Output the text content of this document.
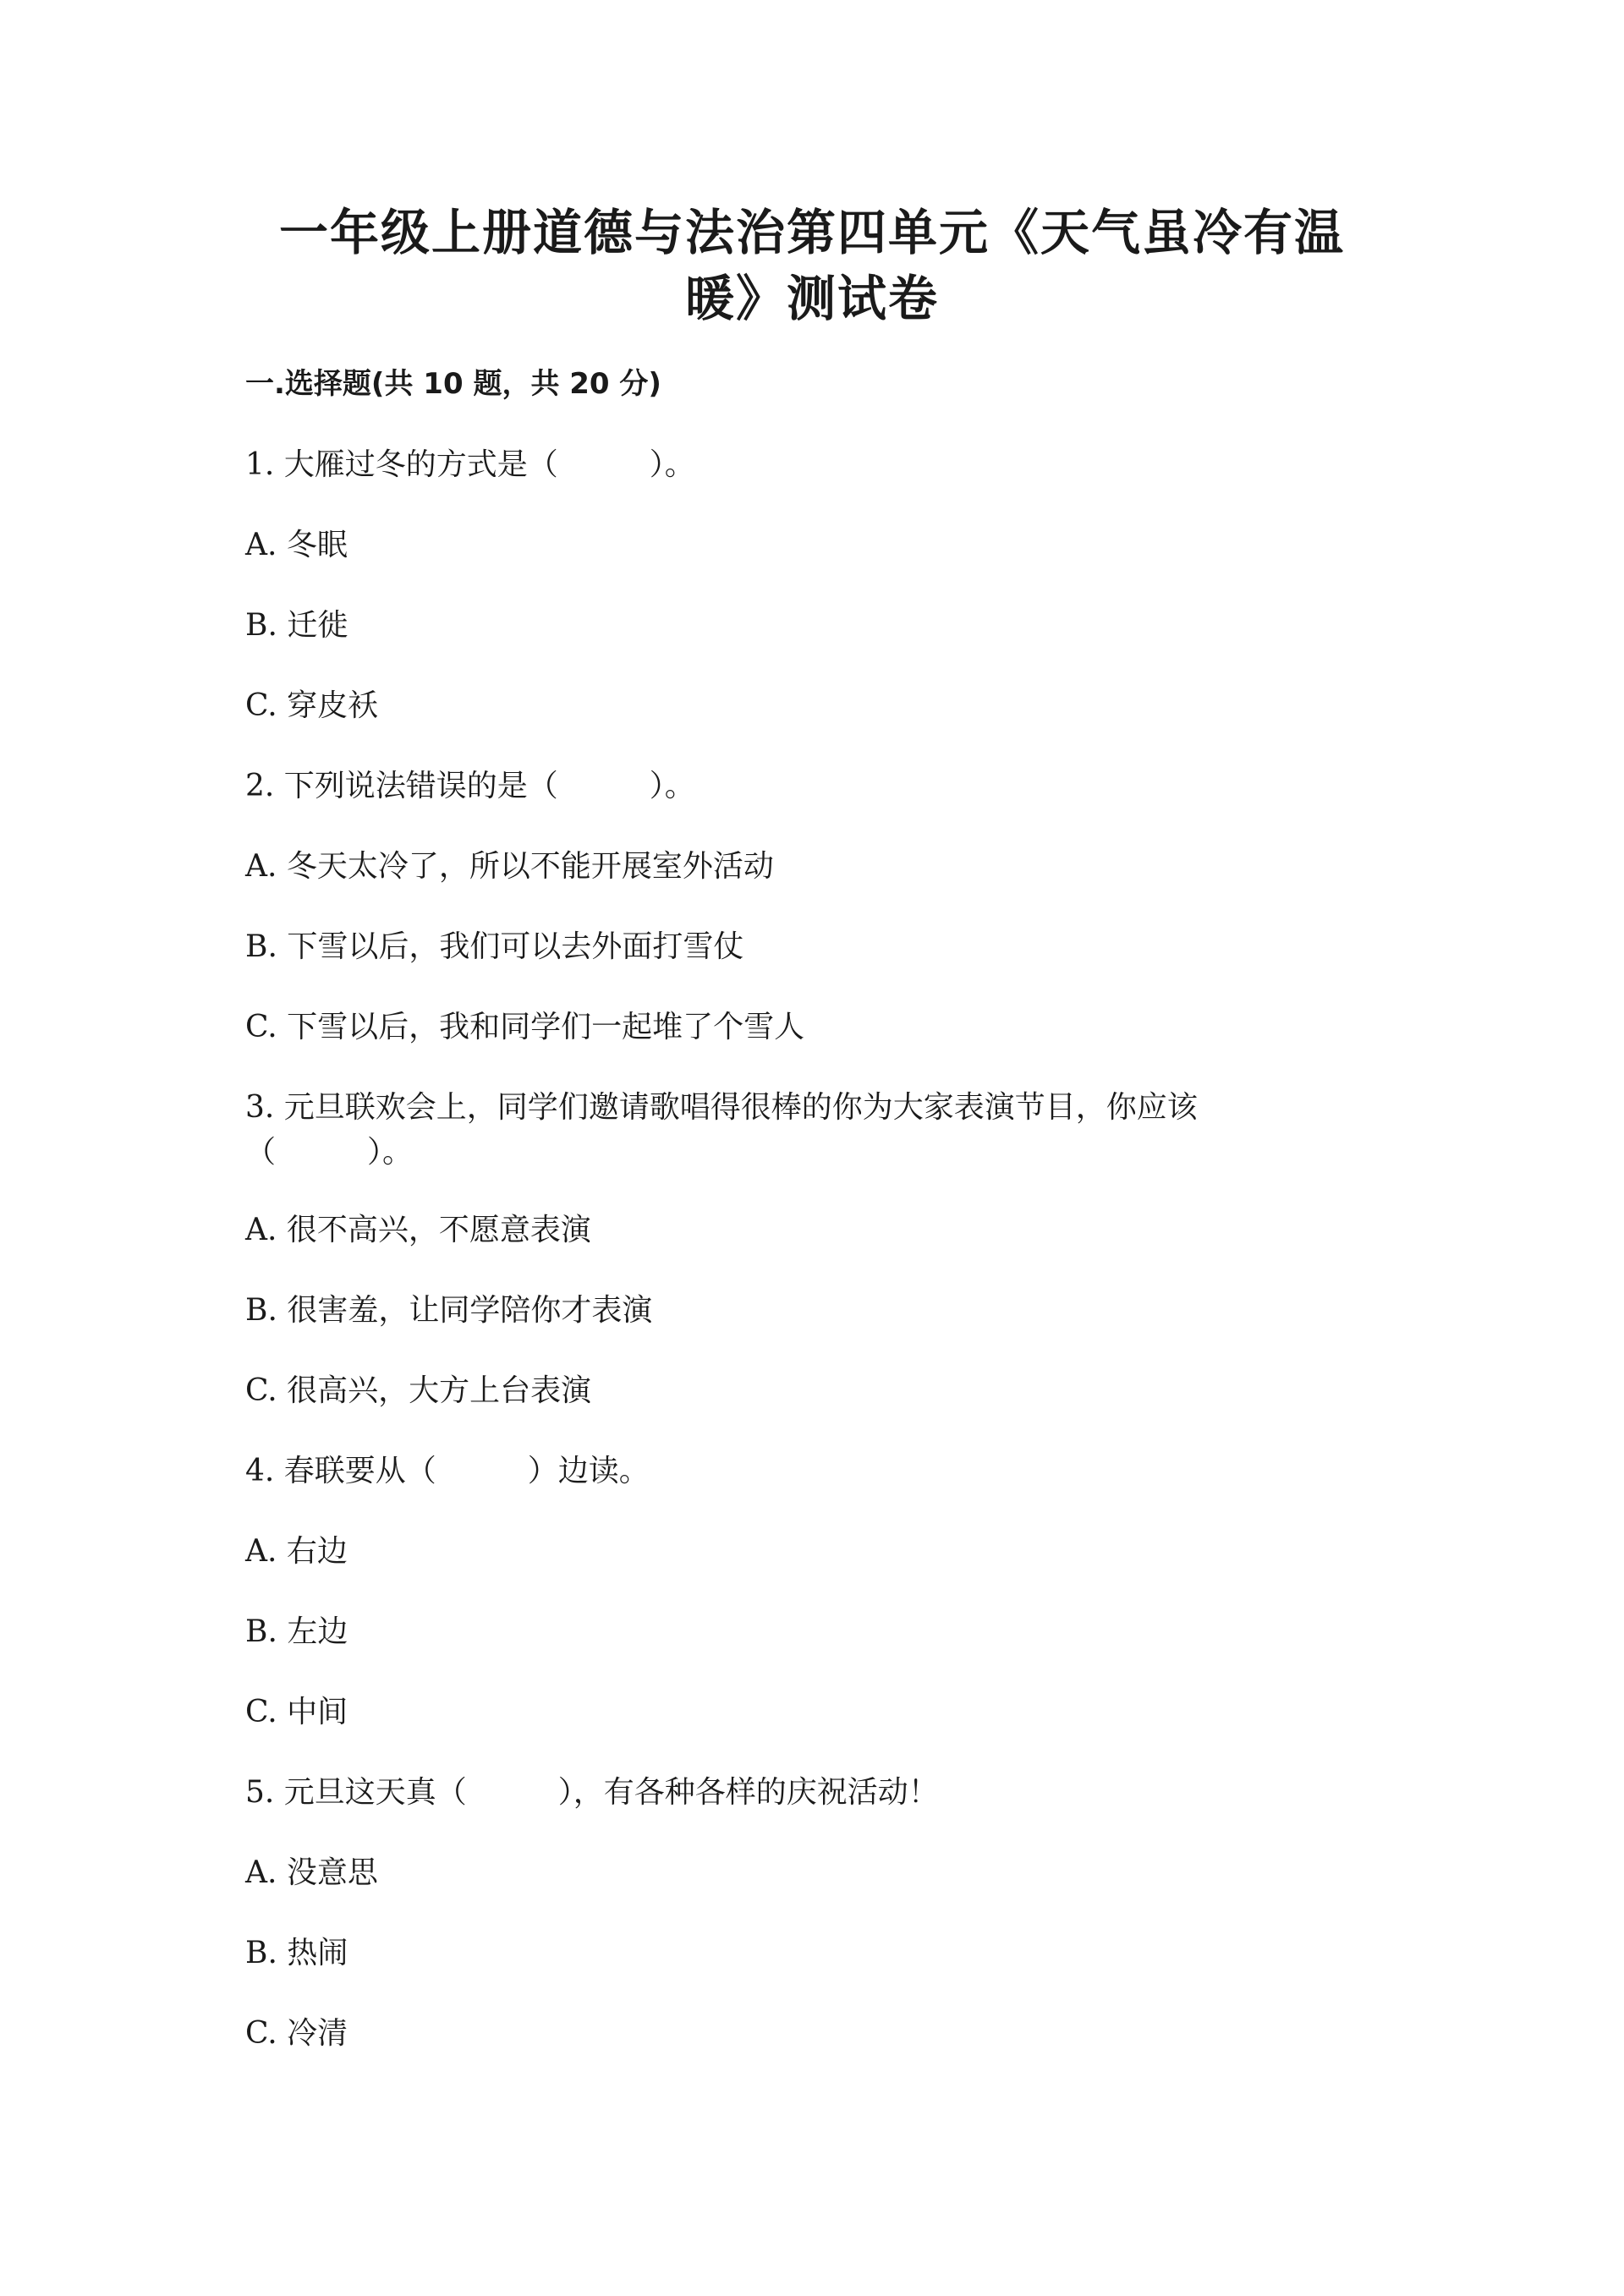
一年级上册道德与法治第四单元《天气虽冷有温
暖》测试卷
一.选择题(共 10 题，共 20 分)
1. 大雁过冬的方式是（　　　）。
A. 冬眠
B. 迁徙
C. 穿皮袄
2. 下列说法错误的是（　　　）。
A. 冬天太冷了，所以不能开展室外活动
B. 下雪以后，我们可以去外面打雪仗
C. 下雪以后，我和同学们一起堆了个雪人
3. 元旦联欢会上，同学们邀请歌唱得很棒的你为大家表演节目，你应该
（　　　）。
A. 很不高兴，不愿意表演
B. 很害羞，让同学陪你才表演
C. 很高兴，大方上台表演
4. 春联要从（　　　）边读。
A. 右边
B. 左边
C. 中间
5. 元旦这天真（　　　），有各种各样的庆祝活动！
A. 没意思
B. 热闹
C. 冷清
